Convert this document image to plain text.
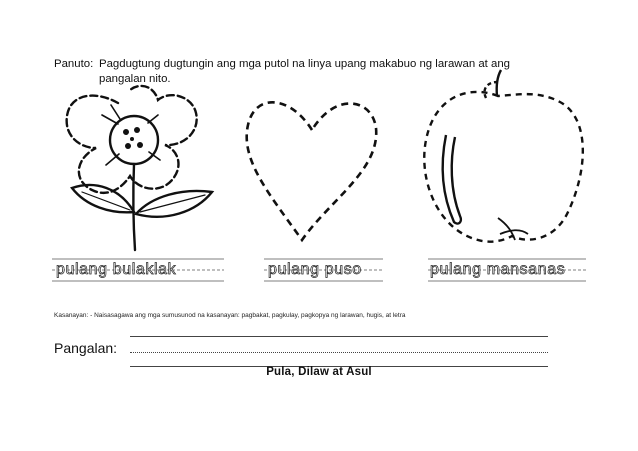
Panuto: Pagdugtung dugtungin ang mga putol na linya upang makabuo ng larawan at ang
pangalan nito.
pulang bulaklak	pulang puso	pulang mansanas
Kasanayan: - Naisasagawa ang mga sumusunod na kasanayan: pagbakat, pagkulay, pagkopya ng larawan, hugis, at letra
Pangalan:
Pula, Dilaw at Asul
